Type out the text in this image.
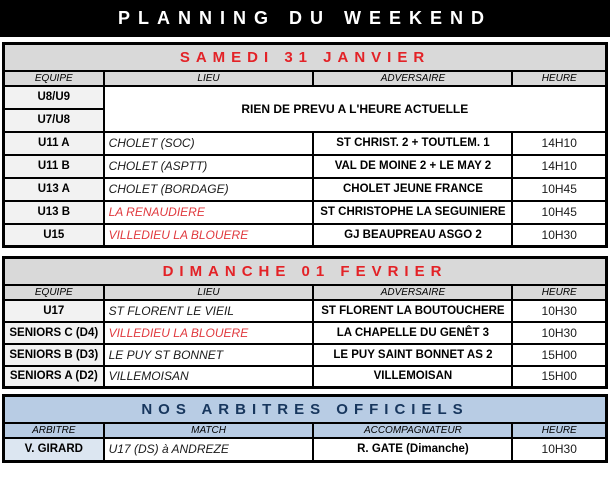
PLANNING DU WEEKEND
SAMEDI 31 JANVIER			
EQUIPE	LIEU	ADVERSAIRE	HEURE
U8/U9	RIEN DE PREVU A L'HEURE ACTUELLE		
U7/U8			
U11 A	CHOLET (SOC)	ST CHRIST. 2 + TOUTLEM. 1	14H10
U11 B	CHOLET (ASPTT)	VAL DE MOINE 2 + LE MAY 2	14H10
U13 A	CHOLET (BORDAGE)	CHOLET JEUNE FRANCE	10H45
U13 B	LA RENAUDIERE	ST CHRISTOPHE LA SEGUINIERE	10H45
U15	VILLEDIEU LA BLOUERE	GJ BEAUPREAU ASGO 2	10H30
DIMANCHE 01 FEVRIER			
EQUIPE	LIEU	ADVERSAIRE	HEURE
U17	ST FLORENT LE VIEIL	ST FLORENT LA BOUTOUCHERE	10H30
SENIORS C (D4)	VILLEDIEU LA BLOUERE	LA CHAPELLE DU GENÊT 3	10H30
SENIORS B (D3)	LE PUY ST BONNET	LE PUY SAINT BONNET AS 2	15H00
SENIORS A (D2)	VILLEMOISAN	VILLEMOISAN	15H00
NOS ARBITRES OFFICIELS			
ARBITRE	MATCH	ACCOMPAGNATEUR	HEURE
V. GIRARD	U17 (DS) à ANDREZE	R. GATE (Dimanche)	10H30
